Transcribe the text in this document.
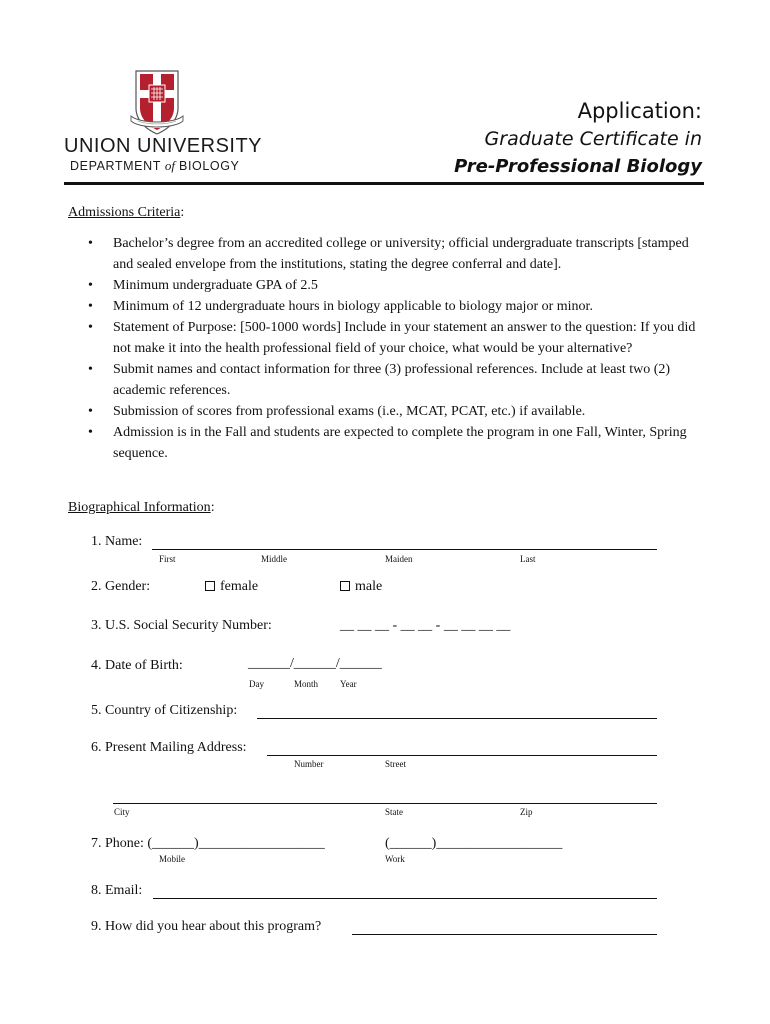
UNION UNIVERSITY
DEPARTMENT of BIOLOGY
Application:
Graduate Certificate in
Pre-Professional Biology
Admissions Criteria:
• Bachelor’s degree from an accredited college or university; official undergraduate transcripts [stamped and sealed envelope from the institutions, stating the degree conferral and date].
• Minimum undergraduate GPA of 2.5
• Minimum of 12 undergraduate hours in biology applicable to biology major or minor.
• Statement of Purpose: [500-1000 words] Include in your statement an answer to the question: If you did not make it into the health professional field of your choice, what would be your alternative?
• Submit names and contact information for three (3) professional references. Include at least two (2) academic references.
• Submission of scores from professional exams (i.e., MCAT, PCAT, etc.) if available.
• Admission is in the Fall and students are expected to complete the program in one Fall, Winter, Spring sequence.
Biographical Information:
1. Name:
First	Middle	Maiden	Last
2. Gender:	female	male
3. U.S. Social Security Number:	__ __ __ - __ __ - __ __ __ __
4. Date of Birth:	______/______/______
Day	Month Year
5. Country of Citizenship:
6. Present Mailing Address:
Number	Street
City	State	Zip
7. Phone: (______)__________________	(______)__________________
Mobile	Work
8. Email:
9. How did you hear about this program?
